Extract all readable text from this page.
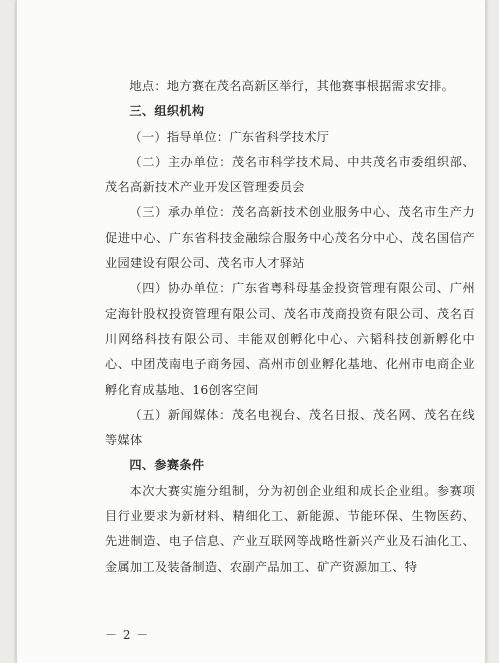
地点：地方赛在茂名高新区举行，其他赛事根据需求安排。

三、组织机构

（一）指导单位：广东省科学技术厅

（二）主办单位：茂名市科学技术局、中共茂名市委组织部、茂名高新技术产业开发区管理委员会

（三）承办单位：茂名高新技术创业服务中心、茂名市生产力促进中心、广东省科技金融综合服务中心茂名分中心、茂名国信产业园建设有限公司、茂名市人才驿站

（四）协办单位：广东省粤科母基金投资管理有限公司、广州定海针股权投资管理有限公司、茂名市茂商投资有限公司、茂名百川网络科技有限公司、丰能双创孵化中心、六韬科技创新孵化中心、中团茂南电子商务园、高州市创业孵化基地、化州市电商企业孵化育成基地、16创客空间

（五）新闻媒体：茂名电视台、茂名日报、茂名网、茂名在线等媒体

四、参赛条件

本次大赛实施分组制，分为初创企业组和成长企业组。参赛项目行业要求为新材料、精细化工、新能源、节能环保、生物医药、先进制造、电子信息、产业互联网等战略性新兴产业及石油化工、金属加工及装备制造、农副产品加工、矿产资源加工、特

－ 2 －
